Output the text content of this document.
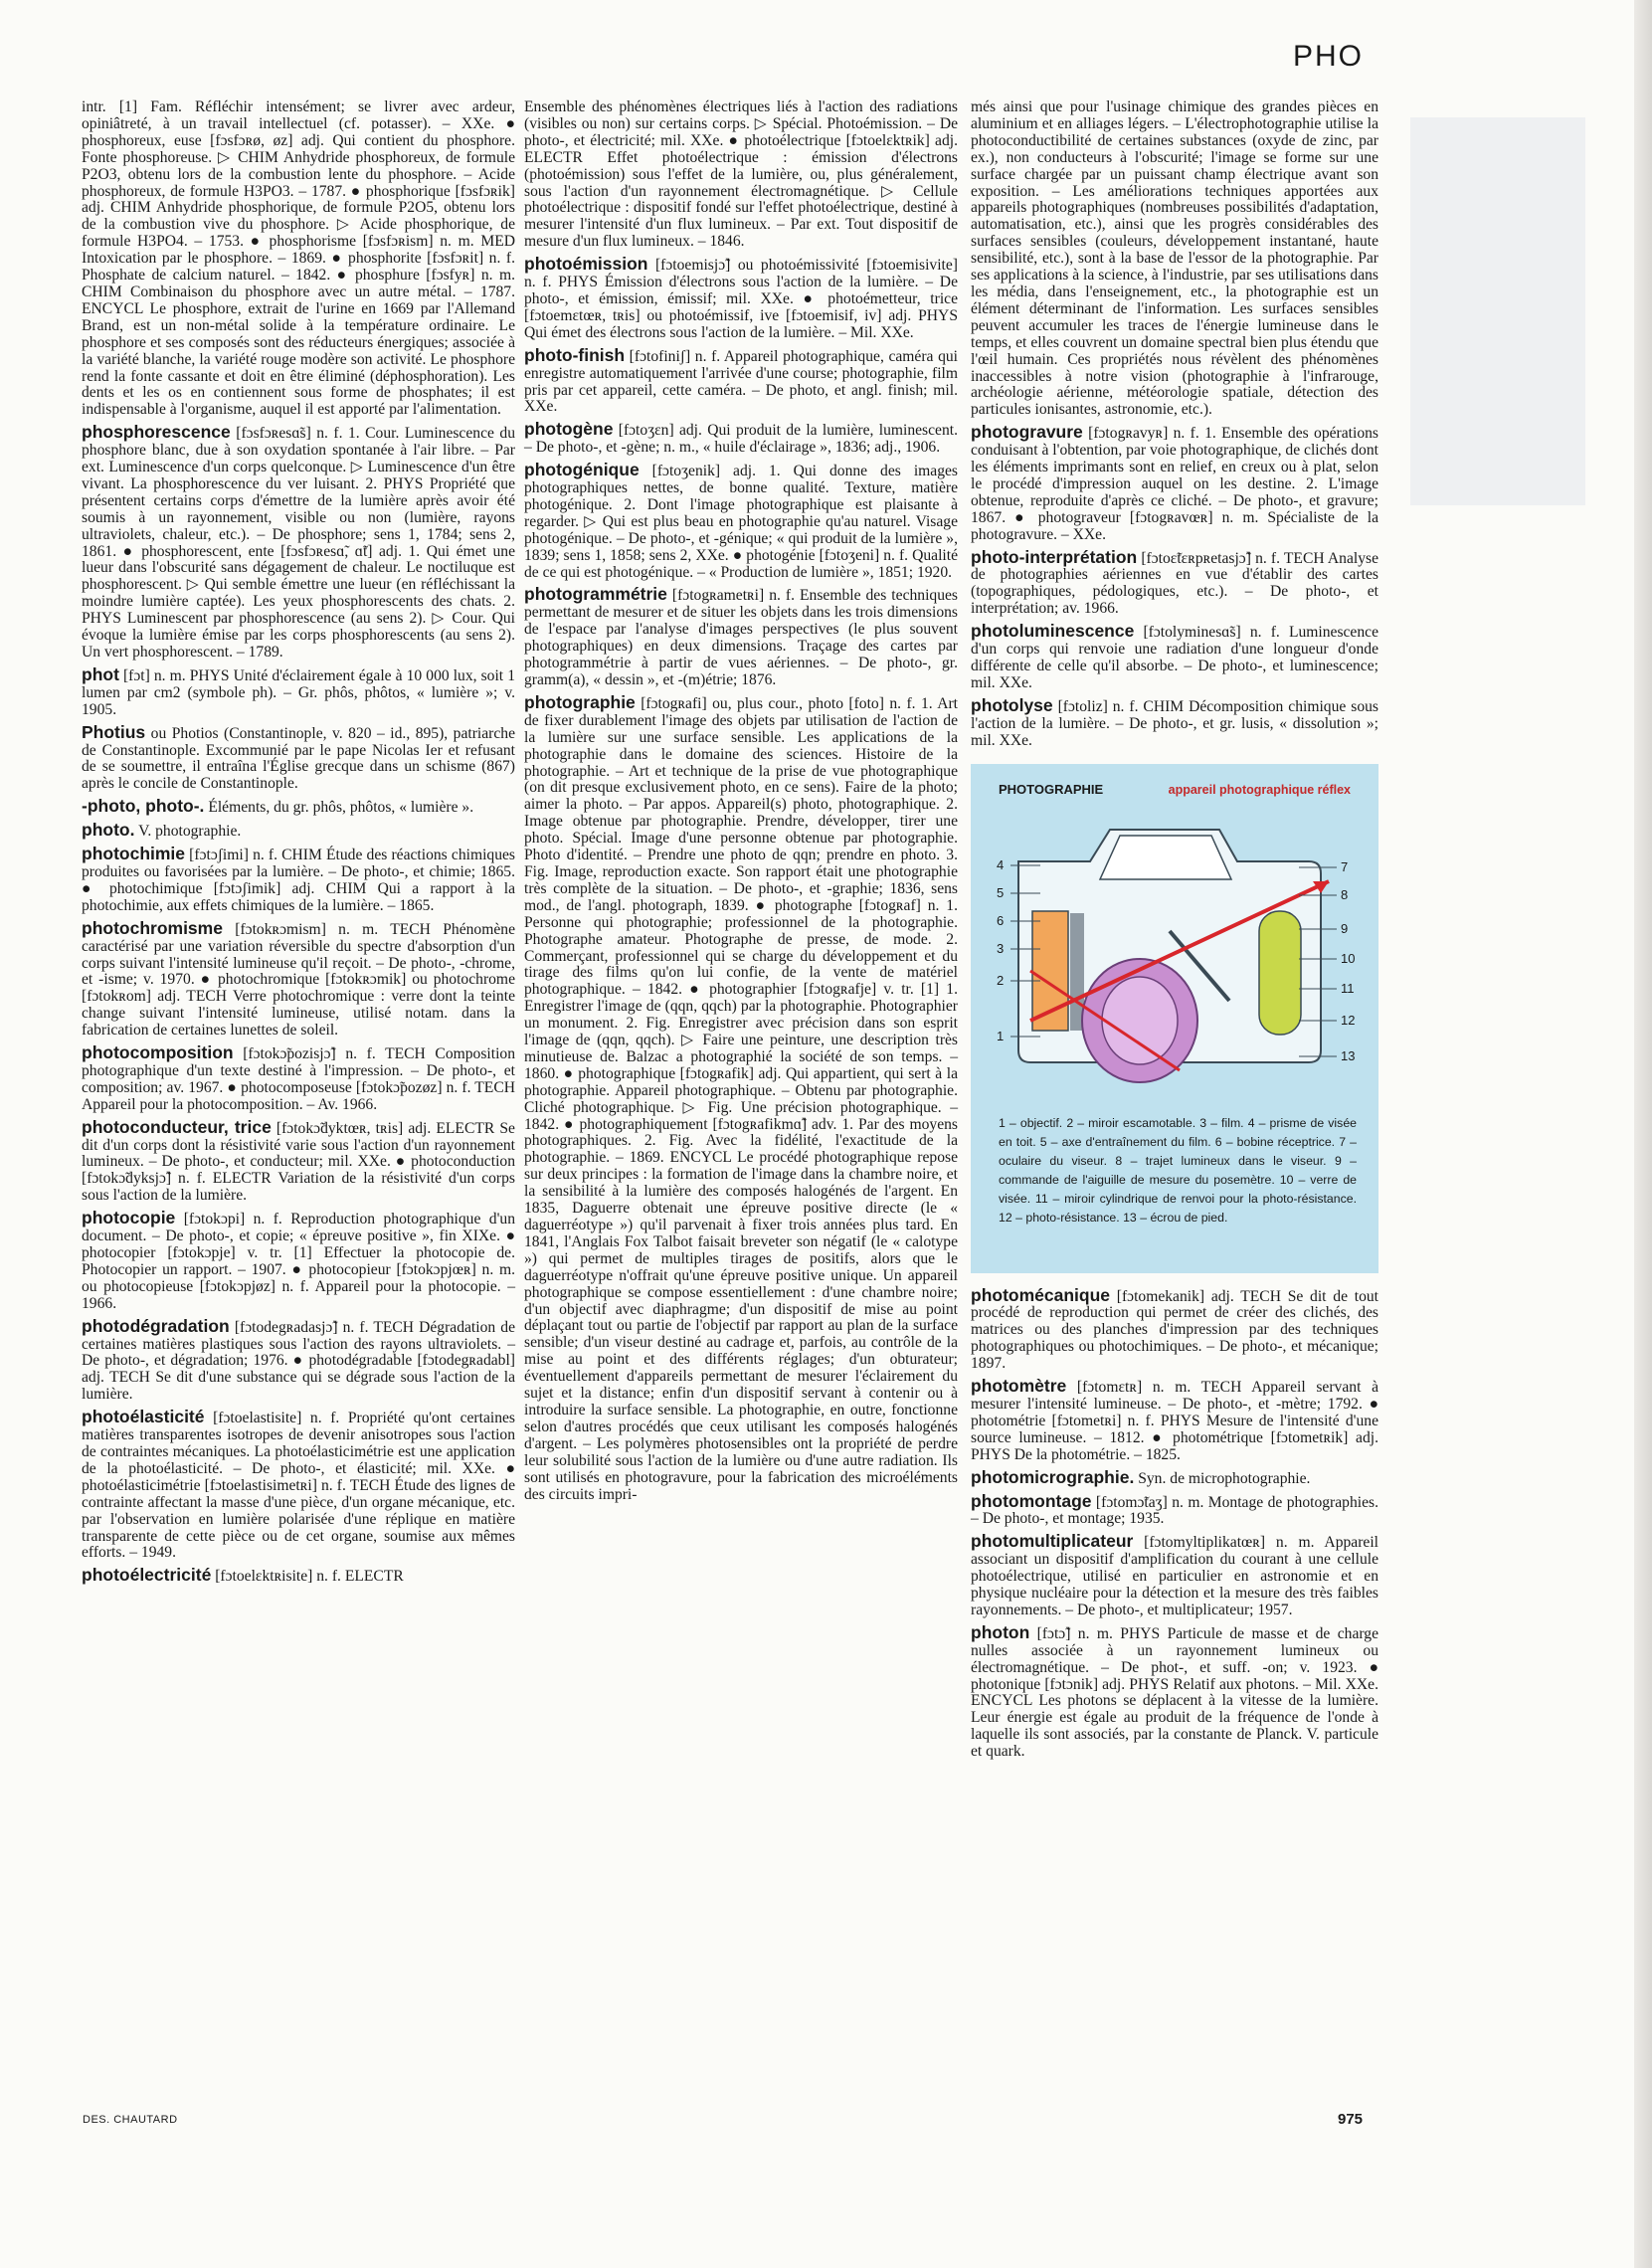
PHO
intr. [1] Fam. Réfléchir intensément; se livrer avec ardeur, opiniâtreté, à un travail intellectuel (cf. potasser). – XXe. ● phosphoreux, euse [fɔsfɔʀø, øz] adj. Qui contient du phosphore. Fonte phosphoreuse. ▷ CHIM Anhydride phosphoreux, de formule P2O3, obtenu lors de la combustion lente du phosphore. – Acide phosphoreux, de formule H3PO3. – 1787. ● phosphorique [fɔsfɔʀik] adj. CHIM Anhydride phosphorique, de formule P2O5, obtenu lors de la combustion vive du phosphore. ▷ Acide phosphorique, de formule H3PO4. – 1753. ● phosphorisme [fɔsfɔʀism] n. m. MED Intoxication par le phosphore. – 1869. ● phosphorite [fɔsfɔʀit] n. f. Phosphate de calcium naturel. – 1842. ● phosphure [fɔsfyʀ] n. m. CHIM Combinaison du phosphore avec un autre métal. – 1787. ENCYCL Le phosphore, extrait de l'urine en 1669 par l'Allemand Brand, est un non-métal solide à la température ordinaire. Le phosphore et ses composés sont des réducteurs énergiques; associée à la variété blanche, la variété rouge modère son activité. Le phosphore rend la fonte cassante et doit en être éliminé (déphosphoration). Les dents et les os en contiennent sous forme de phosphates; il est indispensable à l'organisme, auquel il est apporté par l'alimentation.
phosphorescence [fɔsfɔʀesɑ̃s] n. f. 1. Cour. Luminescence du phosphore blanc, due à son oxydation spontanée à l'air libre. – Par ext. Luminescence d'un corps quelconque. ▷ Luminescence d'un être vivant. La phosphorescence du ver luisant. 2. PHYS Propriété que présentent certains corps d'émettre de la lumière après avoir été soumis à un rayonnement, visible ou non (lumière, rayons ultraviolets, chaleur, etc.). – De phosphore; sens 1, 1784; sens 2, 1861. ● phosphorescent, ente [fɔsfɔʀesɑ̃, ɑ̃t] adj. 1. Qui émet une lueur dans l'obscurité sans dégagement de chaleur. Le noctiluque est phosphorescent. ▷ Qui semble émettre une lueur (en réfléchissant la moindre lumière captée). Les yeux phosphorescents des chats. 2. PHYS Luminescent par phosphorescence (au sens 2). ▷ Cour. Qui évoque la lumière émise par les corps phosphorescents (au sens 2). Un vert phosphorescent. – 1789.
phot [fɔt] n. m. PHYS Unité d'éclairement égale à 10 000 lux, soit 1 lumen par cm2 (symbole ph). – Gr. phôs, phôtos, « lumière »; v. 1905.
Photius ou Photios (Constantinople, v. 820 – id., 895), patriarche de Constantinople. Excommunié par le pape Nicolas Ier et refusant de se soumettre, il entraîna l'Église grecque dans un schisme (867) après le concile de Constantinople.
-photo, photo-. Éléments, du gr. phôs, phôtos, « lumière ».
photo. V. photographie.
photochimie [fɔtɔʃimi] n. f. CHIM Étude des réactions chimiques produites ou favorisées par la lumière. – De photo-, et chimie; 1865. ● photochimique [fɔtɔʃimik] adj. CHIM Qui a rapport à la photochimie, aux effets chimiques de la lumière. – 1865.
photochromisme [fɔtokʀɔmism] n. m. TECH Phénomène caractérisé par une variation réversible du spectre d'absorption d'un corps suivant l'intensité lumineuse qu'il reçoit. – De photo-, -chrome, et -isme; v. 1970. ● photochromique [fɔtokʀɔmik] ou photochrome [fɔtokʀom] adj. TECH Verre photochromique : verre dont la teinte change suivant l'intensité lumineuse, utilisé notam. dans la fabrication de certaines lunettes de soleil.
photocomposition [fɔtokɔ̃pozisjɔ̃] n. f. TECH Composition photographique d'un texte destiné à l'impression. – De photo-, et composition; av. 1967. ● photocomposeuse [fɔtokɔ̃pozøz] n. f. TECH Appareil pour la photocomposition. – Av. 1966.
photoconducteur, trice [fɔtokɔ̃dyktœʀ, tʀis] adj. ELECTR Se dit d'un corps dont la résistivité varie sous l'action d'un rayonnement lumineux. – De photo-, et conducteur; mil. XXe. ● photoconduction [fɔtokɔ̃dyksjɔ̃] n. f. ELECTR Variation de la résistivité d'un corps sous l'action de la lumière.
photocopie [fɔtokɔpi] n. f. Reproduction photographique d'un document. – De photo-, et copie; « épreuve positive », fin XIXe. ● photocopier [fɔtokɔpje] v. tr. [1] Effectuer la photocopie de. Photocopier un rapport. – 1907. ● photocopieur [fɔtokɔpjœʀ] n. m. ou photocopieuse [fɔtokɔpjøz] n. f. Appareil pour la photocopie. – 1966.
photodégradation [fɔtodegʀadasjɔ̃] n. f. TECH Dégradation de certaines matières plastiques sous l'action des rayons ultraviolets. – De photo-, et dégradation; 1976. ● photodégradable [fɔtodegʀadabl] adj. TECH Se dit d'une substance qui se dégrade sous l'action de la lumière.
photoélasticité [fɔtoelastisite] n. f. Propriété qu'ont certaines matières transparentes isotropes de devenir anisotropes sous l'action de contraintes mécaniques. La photoélasticimétrie est une application de la photoélasticité. – De photo-, et élasticité; mil. XXe. ● photoélasticimétrie [fɔtoelastisimetʀi] n. f. TECH Étude des lignes de contrainte affectant la masse d'une pièce, d'un organe mécanique, etc. par l'observation en lumière polarisée d'une réplique en matière transparente de cette pièce ou de cet organe, soumise aux mêmes efforts. – 1949.
photoélectricité [fɔtoelɛktʀisite] n. f. ELECTR
Ensemble des phénomènes électriques liés à l'action des radiations (visibles ou non) sur certains corps. ▷ Spécial. Photoémission. – De photo-, et électricité; mil. XXe. ● photoélectrique [fɔtoelɛktʀik] adj. ELECTR Effet photoélectrique : émission d'électrons (photoémission) sous l'effet de la lumière, ou, plus généralement, sous l'action d'un rayonnement électromagnétique. ▷ Cellule photoélectrique : dispositif fondé sur l'effet photoélectrique, destiné à mesurer l'intensité d'un flux lumineux. – Par ext. Tout dispositif de mesure d'un flux lumineux. – 1846.
photoémission [fɔtoemisjɔ̃] ou photoémissivité [fɔtoemisivite] n. f. PHYS Émission d'électrons sous l'action de la lumière. – De photo-, et émission, émissif; mil. XXe. ● photoémetteur, trice [fɔtoemɛtœʀ, tʀis] ou photoémissif, ive [fɔtoemisif, iv] adj. PHYS Qui émet des électrons sous l'action de la lumière. – Mil. XXe.
photo-finish [fɔtofiniʃ] n. f. Appareil photographique, caméra qui enregistre automatiquement l'arrivée d'une course; photographie, film pris par cet appareil, cette caméra. – De photo, et angl. finish; mil. XXe.
photogène [fɔtoʒɛn] adj. Qui produit de la lumière, luminescent. – De photo-, et -gène; n. m., « huile d'éclairage », 1836; adj., 1906.
photogénique [fɔtoʒenik] adj. 1. Qui donne des images photographiques nettes, de bonne qualité. Texture, matière photogénique. 2. Dont l'image photographique est plaisante à regarder. ▷ Qui est plus beau en photographie qu'au naturel. Visage photogénique. – De photo-, et -génique; « qui produit de la lumière », 1839; sens 1, 1858; sens 2, XXe. ● photogénie [fɔtoʒeni] n. f. Qualité de ce qui est photogénique. – « Production de lumière », 1851; 1920.
photogrammétrie [fɔtogʀametʀi] n. f. Ensemble des techniques permettant de mesurer et de situer les objets dans les trois dimensions de l'espace par l'analyse d'images perspectives (le plus souvent photographiques) en deux dimensions. Traçage des cartes par photogrammétrie à partir de vues aériennes. – De photo-, gr. gramm(a), « dessin », et -(m)étrie; 1876.
photographie [fɔtogʀafi] ou, plus cour., photo [foto] n. f. 1. Art de fixer durablement l'image des objets par utilisation de l'action de la lumière sur une surface sensible. Les applications de la photographie dans le domaine des sciences. Histoire de la photographie. – Art et technique de la prise de vue photographique (on dit presque exclusivement photo, en ce sens). Faire de la photo; aimer la photo. – Par appos. Appareil(s) photo, photographique. 2. Image obtenue par photographie. Prendre, développer, tirer une photo. Spécial. Image d'une personne obtenue par photographie. Photo d'identité. – Prendre une photo de qqn; prendre en photo. 3. Fig. Image, reproduction exacte. Son rapport était une photographie très complète de la situation. – De photo-, et -graphie; 1836, sens mod., de l'angl. photograph, 1839. ● photographe [fɔtogʀaf] n. 1. Personne qui photographie; professionnel de la photographie. Photographe amateur. Photographe de presse, de mode. 2. Commerçant, professionnel qui se charge du développement et du tirage des films qu'on lui confie, de la vente de matériel photographique. – 1842. ● photographier [fɔtogʀafje] v. tr. [1] 1. Enregistrer l'image de (qqn, qqch) par la photographie. Photographier un monument. 2. Fig. Enregistrer avec précision dans son esprit l'image de (qqn, qqch). ▷ Faire une peinture, une description très minutieuse de. Balzac a photographié la société de son temps. – 1860. ● photographique [fɔtogʀafik] adj. Qui appartient, qui sert à la photographie. Appareil photographique. – Obtenu par photographie. Cliché photographique. ▷ Fig. Une précision photographique. – 1842. ● photographiquement [fɔtogʀafikmɑ̃] adv. 1. Par des moyens photographiques. 2. Fig. Avec la fidélité, l'exactitude de la photographie. – 1869. ENCYCL Le procédé photographique repose sur deux principes : la formation de l'image dans la chambre noire, et la sensibilité à la lumière des composés halogénés de l'argent. En 1835, Daguerre obtenait une épreuve positive directe (le « daguerréotype ») qu'il parvenait à fixer trois années plus tard. En 1841, l'Anglais Fox Talbot faisait breveter son négatif (le « calotype ») qui permet de multiples tirages de positifs, alors que le daguerréotype n'offrait qu'une épreuve positive unique. Un appareil photographique se compose essentiellement : d'une chambre noire; d'un objectif avec diaphragme; d'un dispositif de mise au point déplaçant tout ou partie de l'objectif par rapport au plan de la surface sensible; d'un viseur destiné au cadrage et, parfois, au contrôle de la mise au point et des différents réglages; d'un obturateur; éventuellement d'appareils permettant de mesurer l'éclairement du sujet et la distance; enfin d'un dispositif servant à contenir ou à introduire la surface sensible. La photographie, en outre, fonctionne selon d'autres procédés que ceux utilisant les composés halogénés d'argent. – Les polymères photosensibles ont la propriété de perdre leur solubilité sous l'action de la lumière ou d'une autre radiation. Ils sont utilisés en photogravure, pour la fabrication des microéléments des circuits impri-
més ainsi que pour l'usinage chimique des grandes pièces en aluminium et en alliages légers. – L'électrophotographie utilise la photoconductibilité de certaines substances (oxyde de zinc, par ex.), non conducteurs à l'obscurité; l'image se forme sur une surface chargée par un puissant champ électrique avant son exposition. – Les améliorations techniques apportées aux appareils photographiques (nombreuses possibilités d'adaptation, automatisation, etc.), ainsi que les progrès considérables des surfaces sensibles (couleurs, développement instantané, haute sensibilité, etc.), sont à la base de l'essor de la photographie. Par ses applications à la science, à l'industrie, par ses utilisations dans les média, dans l'enseignement, etc., la photographie est un élément déterminant de l'information. Les surfaces sensibles peuvent accumuler les traces de l'énergie lumineuse dans le temps, et elles couvrent un domaine spectral bien plus étendu que l'œil humain. Ces propriétés nous révèlent des phénomènes inaccessibles à notre vision (photographie à l'infrarouge, archéologie aérienne, météorologie spatiale, détection des particules ionisantes, astronomie, etc.).
photogravure [fɔtogʀavyʀ] n. f. 1. Ensemble des opérations conduisant à l'obtention, par voie photographique, de clichés dont les éléments imprimants sont en relief, en creux ou à plat, selon le procédé d'impression auquel on les destine. 2. L'image obtenue, reproduite d'après ce cliché. – De photo-, et gravure; 1867. ● photograveur [fɔtogʀavœʀ] n. m. Spécialiste de la photogravure. – XXe.
photo-interprétation [fɔtoɛ̃tɛʀpʀetasjɔ̃] n. f. TECH Analyse de photographies aériennes en vue d'établir des cartes (topographiques, pédologiques, etc.). – De photo-, et interprétation; av. 1966.
photoluminescence [fɔtolyminesɑ̃s] n. f. Luminescence d'un corps qui renvoie une radiation d'une longueur d'onde différente de celle qu'il absorbe. – De photo-, et luminescence; mil. XXe.
photolyse [fɔtoliz] n. f. CHIM Décomposition chimique sous l'action de la lumière. – De photo-, et gr. lusis, « dissolution »; mil. XXe.
PHOTOGRAPHIE	appareil photographique réflex
4
5
6
3
2
1
7
8
9
10
11
12
13
1 – objectif. 2 – miroir escamotable. 3 – film. 4 – prisme de visée en toit. 5 – axe d'entraînement du film. 6 – bobine réceptrice. 7 – oculaire du viseur. 8 – trajet lumineux dans le viseur. 9 – commande de l'aiguille de mesure du posemètre. 10 – verre de visée. 11 – miroir cylindrique de renvoi pour la photo-résistance. 12 – photo-résistance. 13 – écrou de pied.
photomécanique [fɔtomekanik] adj. TECH Se dit de tout procédé de reproduction qui permet de créer des clichés, des matrices ou des planches d'impression par des techniques photographiques ou photochimiques. – De photo-, et mécanique; 1897.
photomètre [fɔtomɛtʀ] n. m. TECH Appareil servant à mesurer l'intensité lumineuse. – De photo-, et -mètre; 1792. ● photométrie [fɔtometʀi] n. f. PHYS Mesure de l'intensité d'une source lumineuse. – 1812. ● photométrique [fɔtometʀik] adj. PHYS De la photométrie. – 1825.
photomicrographie. Syn. de microphotographie.
photomontage [fɔtomɔ̃taʒ] n. m. Montage de photographies. – De photo-, et montage; 1935.
photomultiplicateur [fɔtomyltiplikatœʀ] n. m. Appareil associant un dispositif d'amplification du courant à une cellule photoélectrique, utilisé en particulier en astronomie et en physique nucléaire pour la détection et la mesure des très faibles rayonnements. – De photo-, et multiplicateur; 1957.
photon [fɔtɔ̃] n. m. PHYS Particule de masse et de charge nulles associée à un rayonnement lumineux ou électromagnétique. – De phot-, et suff. -on; v. 1923. ● photonique [fɔtɔnik] adj. PHYS Relatif aux photons. – Mil. XXe. ENCYCL Les photons se déplacent à la vitesse de la lumière. Leur énergie est égale au produit de la fréquence de l'onde à laquelle ils sont associés, par la constante de Planck. V. particule et quark.
DES. CHAUTARD	975
